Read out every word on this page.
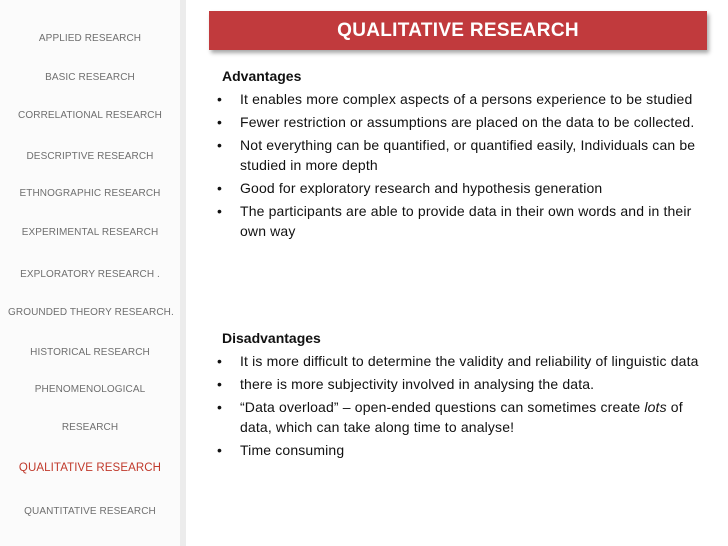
APPLIED RESEARCH
BASIC RESEARCH
CORRELATIONAL RESEARCH
DESCRIPTIVE RESEARCH
ETHNOGRAPHIC RESEARCH
EXPERIMENTAL RESEARCH
EXPLORATORY RESEARCH .
GROUNDED THEORY RESEARCH.
HISTORICAL RESEARCH
PHENOMENOLOGICAL
RESEARCH
QUALITATIVE RESEARCH
QUANTITATIVE RESEARCH
QUALITATIVE RESEARCH
Advantages
• It enables more complex aspects of a persons experience to be studied
• Fewer restriction or assumptions are placed on the data to be collected.
• Not everything can be quantified, or quantified easily, Individuals can be studied in more depth
• Good for exploratory research and hypothesis generation
• The participants are able to provide data in their own words and in their own way
Disadvantages
• It is more difficult to determine the validity and reliability of linguistic data
• there is more subjectivity involved in analysing the data.
• “Data overload” – open-ended questions can sometimes create lots of data, which can take along time to analyse!
• Time consuming
